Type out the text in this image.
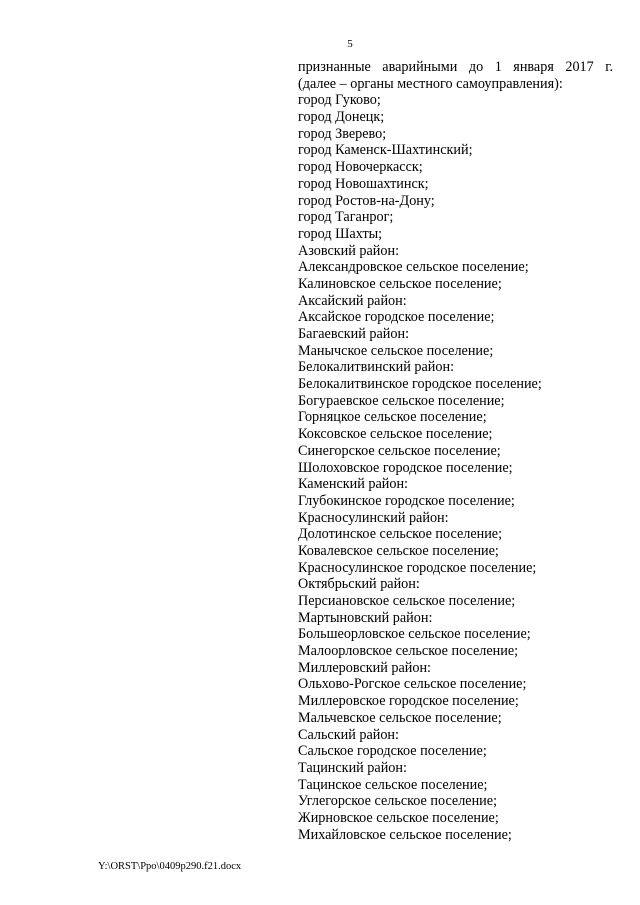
5
признанные аварийными до 1 января 2017 г.
(далее – органы местного самоуправления):
город Гуково;
город Донецк;
город Зверево;
город Каменск-Шахтинский;
город Новочеркасск;
город Новошахтинск;
город Ростов-на-Дону;
город Таганрог;
город Шахты;
Азовский район:
Александровское сельское поселение;
Калиновское сельское поселение;
Аксайский район:
Аксайское городское поселение;
Багаевский район:
Манычское сельское поселение;
Белокалитвинский район:
Белокалитвинское городское поселение;
Богураевское сельское поселение;
Горняцкое сельское поселение;
Коксовское сельское поселение;
Синегорское сельское поселение;
Шолоховское городское поселение;
Каменский район:
Глубокинское городское поселение;
Красносулинский район:
Долотинское сельское поселение;
Ковалевское сельское поселение;
Красносулинское городское поселение;
Октябрьский район:
Персиановское сельское поселение;
Мартыновский район:
Большеорловское сельское поселение;
Малоорловское сельское поселение;
Миллеровский район:
Ольхово-Рогское сельское поселение;
Миллеровское городское поселение;
Мальчевское сельское поселение;
Сальский район:
Сальское городское поселение;
Тацинский район:
Тацинское сельское поселение;
Углегорское сельское поселение;
Жирновское сельское поселение;
Михайловское сельское поселение;
Y:\ORST\Ppo\0409p290.f21.docx
